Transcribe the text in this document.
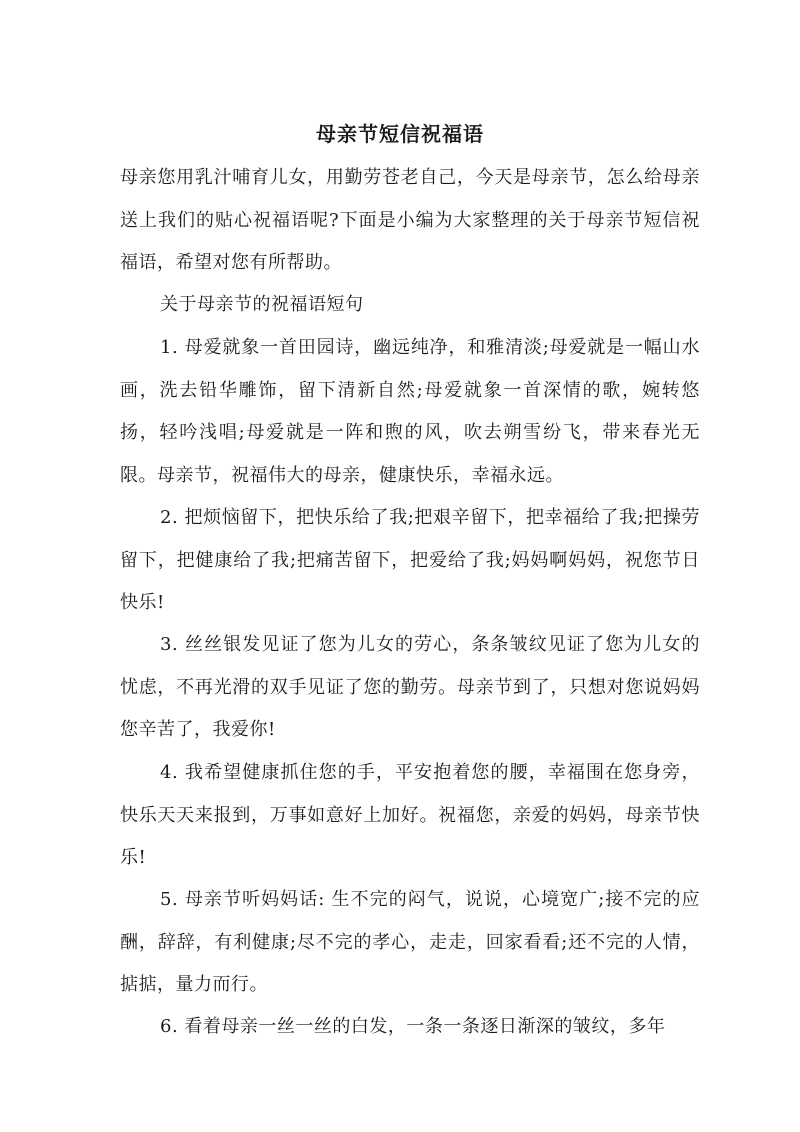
母亲节短信祝福语

母亲您用乳汁哺育儿女，用勤劳苍老自己，今天是母亲节，怎么给母亲送上我们的贴心祝福语呢?下面是小编为大家整理的关于母亲节短信祝福语，希望对您有所帮助。

关于母亲节的祝福语短句

1. 母爱就象一首田园诗，幽远纯净，和雅清淡;母爱就是一幅山水画，洗去铅华雕饰，留下清新自然;母爱就象一首深情的歌，婉转悠扬，轻吟浅唱;母爱就是一阵和煦的风，吹去朔雪纷飞，带来春光无限。母亲节，祝福伟大的母亲，健康快乐，幸福永远。

2. 把烦恼留下，把快乐给了我;把艰辛留下，把幸福给了我;把操劳留下，把健康给了我;把痛苦留下，把爱给了我;妈妈啊妈妈，祝您节日快乐!

3. 丝丝银发见证了您为儿女的劳心，条条皱纹见证了您为儿女的忧虑，不再光滑的双手见证了您的勤劳。母亲节到了，只想对您说妈妈您辛苦了，我爱你!

4. 我希望健康抓住您的手，平安抱着您的腰，幸福围在您身旁，快乐天天来报到，万事如意好上加好。祝福您，亲爱的妈妈，母亲节快乐!

5. 母亲节听妈妈话: 生不完的闷气，说说，心境宽广;接不完的应酬，辞辞，有利健康;尽不完的孝心，走走，回家看看;还不完的人情，掂掂，量力而行。

6. 看着母亲一丝一丝的白发，一条一条逐日渐深的皱纹，多年
